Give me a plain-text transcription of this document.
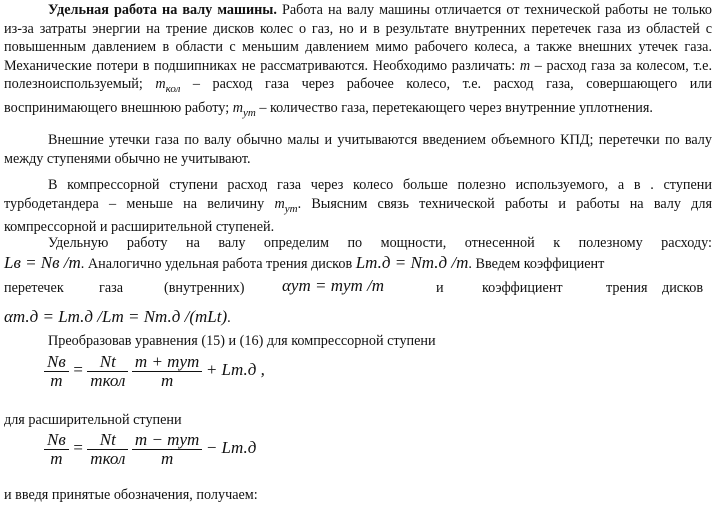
Удельная работа на валу машины. Работа на валу машины отличается от технической работы не только из-за затраты энергии на трение дисков колес о газ, но и в результате внутренних перетечек газа из областей с повышенным давлением в области с меньшим давлением мимо рабочего колеса, а также внешних утечек газа. Механические потери в подшипниках не рассматриваются. Необходимо различать: m – расход газа за колесом, т.е. полезноиспользуемый; $m_{кол}$ – расход газа через рабочее колесо, т.е. расход газа, совершающего или воспринимающего внешнюю работу; $m_{ут}$ – количество газа, перетекающего через внутренние уплотнения.

Внешние утечки газа по валу обычно малы и учитываются введением объемного КПД; перетечки по валу между ступенями обычно не учитывают.

В компрессорной ступени расход газа через колесо больше полезно используемого, а в . ступени турбодетандера – меньше на величину $m_{ут}$. Выясним связь технической работы и работы на валу для компрессорной и расширительной ступеней.

Удельную работу на валу определим по мощности, отнесенной к полезному расходу:

Lв = Nв /m. Аналогично удельная работа трения дисков Lт.д = Nт.д /m. Введем коэффициент
перетечек газа	(внутренних) αут = mут /m	и	коэффициент	трения дисков
αт.д = Lт.д /Lт = Nт.д /(mLt).

Преобразовав уравнения (15) и (16) для компрессорной ступени

$\frac{Nв}{m} = \frac{Nt}{\text{mкол}}$
$\frac{\text{m + mут}}{m} + Lт.д$ ,

для расширительной ступени

$\frac{Nв}{m} = \frac{Nt}{\text{mкол}}$
$\frac{\text{m − mут}}{m} - Lт.д$

и введя принятые обозначения, получаем:
